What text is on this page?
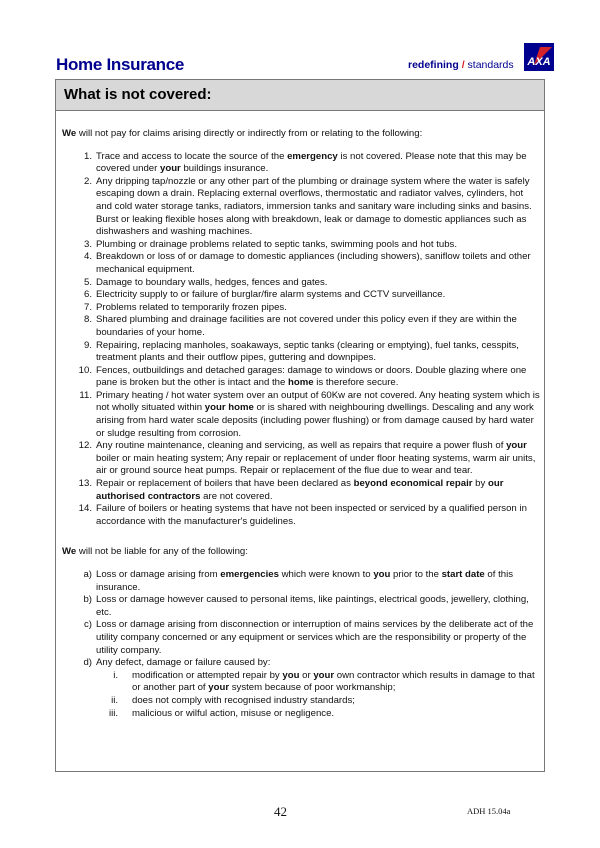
Home Insurance	redefining / standards AXA
What is not covered:
We will not pay for claims arising directly or indirectly from or relating to the following:
1. Trace and access to locate the source of the emergency is not covered. Please note that this may be covered under your buildings insurance.
2. Any dripping tap/nozzle or any other part of the plumbing or drainage system where the water is safely escaping down a drain. Replacing external overflows, thermostatic and radiator valves, cylinders, hot and cold water storage tanks, radiators, immersion tanks and sanitary ware including sinks and basins. Burst or leaking flexible hoses along with breakdown, leak or damage to domestic appliances such as dishwashers and washing machines.
3. Plumbing or drainage problems related to septic tanks, swimming pools and hot tubs.
4. Breakdown or loss of or damage to domestic appliances (including showers), saniflow toilets and other mechanical equipment.
5. Damage to boundary walls, hedges, fences and gates.
6. Electricity supply to or failure of burglar/fire alarm systems and CCTV surveillance.
7. Problems related to temporarily frozen pipes.
8. Shared plumbing and drainage facilities are not covered under this policy even if they are within the boundaries of your home.
9. Repairing, replacing manholes, soakaways, septic tanks (clearing or emptying), fuel tanks, cesspits, treatment plants and their outflow pipes, guttering and downpipes.
10. Fences, outbuildings and detached garages: damage to windows or doors. Double glazing where one pane is broken but the other is intact and the home is therefore secure.
11. Primary heating / hot water system over an output of 60Kw are not covered. Any heating system which is not wholly situated within your home or is shared with neighbouring dwellings. Descaling and any work arising from hard water scale deposits (including power flushing) or from damage caused by hard water or sludge resulting from corrosion.
12. Any routine maintenance, cleaning and servicing, as well as repairs that require a power flush of your boiler or main heating system; Any repair or replacement of under floor heating systems, warm air units, air or ground source heat pumps. Repair or replacement of the flue due to wear and tear.
13. Repair or replacement of boilers that have been declared as beyond economical repair by our authorised contractors are not covered.
14. Failure of boilers or heating systems that have not been inspected or serviced by a qualified person in accordance with the manufacturer's guidelines.
We will not be liable for any of the following:
a) Loss or damage arising from emergencies which were known to you prior to the start date of this insurance.
b) Loss or damage however caused to personal items, like paintings, electrical goods, jewellery, clothing, etc.
c) Loss or damage arising from disconnection or interruption of mains services by the deliberate act of the utility company concerned or any equipment or services which are the responsibility or property of the utility company.
d) Any defect, damage or failure caused by:
i. modification or attempted repair by you or your own contractor which results in damage to that or another part of your system because of poor workmanship;
ii. does not comply with recognised industry standards;
iii. malicious or wilful action, misuse or negligence.
42	ADH 15.04a
